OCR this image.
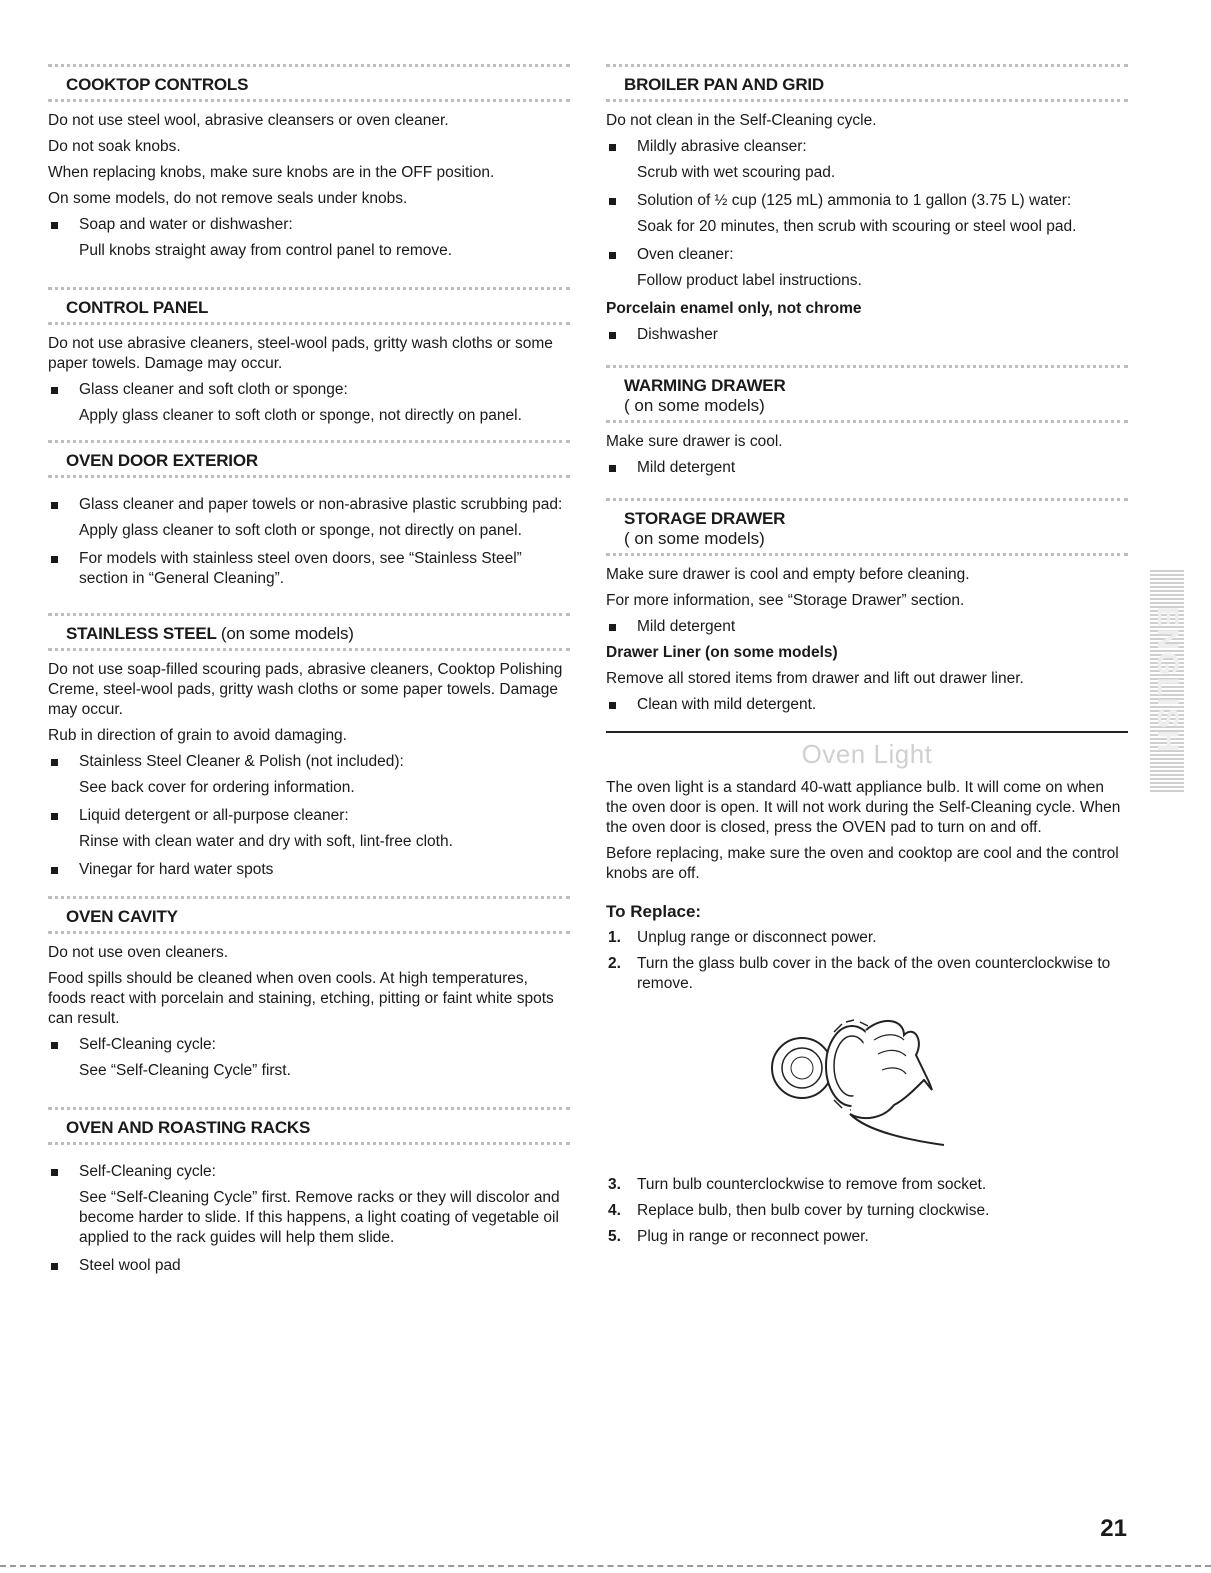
COOKTOP CONTROLS

Do not use steel wool, abrasive cleansers or oven cleaner.

Do not soak knobs.

When replacing knobs, make sure knobs are in the OFF position.

On some models, do not remove seals under knobs.

Soap and water or dishwasher:
Pull knobs straight away from control panel to remove.
CONTROL PANEL

Do not use abrasive cleaners, steel-wool pads, gritty wash cloths or some paper towels. Damage may occur.

Glass cleaner and soft cloth or sponge:
Apply glass cleaner to soft cloth or sponge, not directly on panel.
OVEN DOOR EXTERIOR
Glass cleaner and paper towels or non-abrasive plastic scrubbing pad:
Apply glass cleaner to soft cloth or sponge, not directly on panel.
For models with stainless steel oven doors, see “Stainless Steel” section in “General Cleaning”.
STAINLESS STEEL (on some models)

Do not use soap-filled scouring pads, abrasive cleaners, Cooktop Polishing Creme, steel-wool pads, gritty wash cloths or some paper towels. Damage may occur.

Rub in direction of grain to avoid damaging.

Stainless Steel Cleaner & Polish (not included):
See back cover for ordering information.
Liquid detergent or all-purpose cleaner:
Rinse with clean water and dry with soft, lint-free cloth.
Vinegar for hard water spots
OVEN CAVITY

Do not use oven cleaners.

Food spills should be cleaned when oven cools. At high temperatures, foods react with porcelain and staining, etching, pitting or faint white spots can result.

Self-Cleaning cycle:
See “Self-Cleaning Cycle” first.
OVEN AND ROASTING RACKS
Self-Cleaning cycle:
See “Self-Cleaning Cycle” first. Remove racks or they will discolor and become harder to slide. If this happens, a light coating of vegetable oil applied to the rack guides will help them slide.
Steel wool pad
BROILER PAN AND GRID

Do not clean in the Self-Cleaning cycle.

Mildly abrasive cleanser:
Scrub with wet scouring pad.
Solution of ½ cup (125 mL) ammonia to 1 gallon (3.75 L) water:
Soak for 20 minutes, then scrub with scouring or steel wool pad.
Oven cleaner:
Follow product label instructions.
Porcelain enamel only, not chrome
Dishwasher
WARMING DRAWER
( on some models)

Make sure drawer is cool.

Mild detergent
STORAGE DRAWER
( on some models)

Make sure drawer is cool and empty before cleaning.

For more information, see “Storage Drawer” section.

Mild detergent
Drawer Liner (on some models)

Remove all stored items from drawer and lift out drawer liner.

Clean with mild detergent.
Oven Light

The oven light is a standard 40-watt appliance bulb. It will come on when the oven door is open. It will not work during the Self-Cleaning cycle. When the oven door is closed, press the OVEN pad to turn on and off.

Before replacing, make sure the oven and cooktop are cool and the control knobs are off.

To Replace:
1. Unplug range or disconnect power.
2. Turn the glass bulb cover in the back of the oven counterclockwise to remove.
3. Turn bulb counterclockwise to remove from socket.
4. Replace bulb, then bulb cover by turning clockwise.
5. Plug in range or reconnect power.
ENGLISH
21
